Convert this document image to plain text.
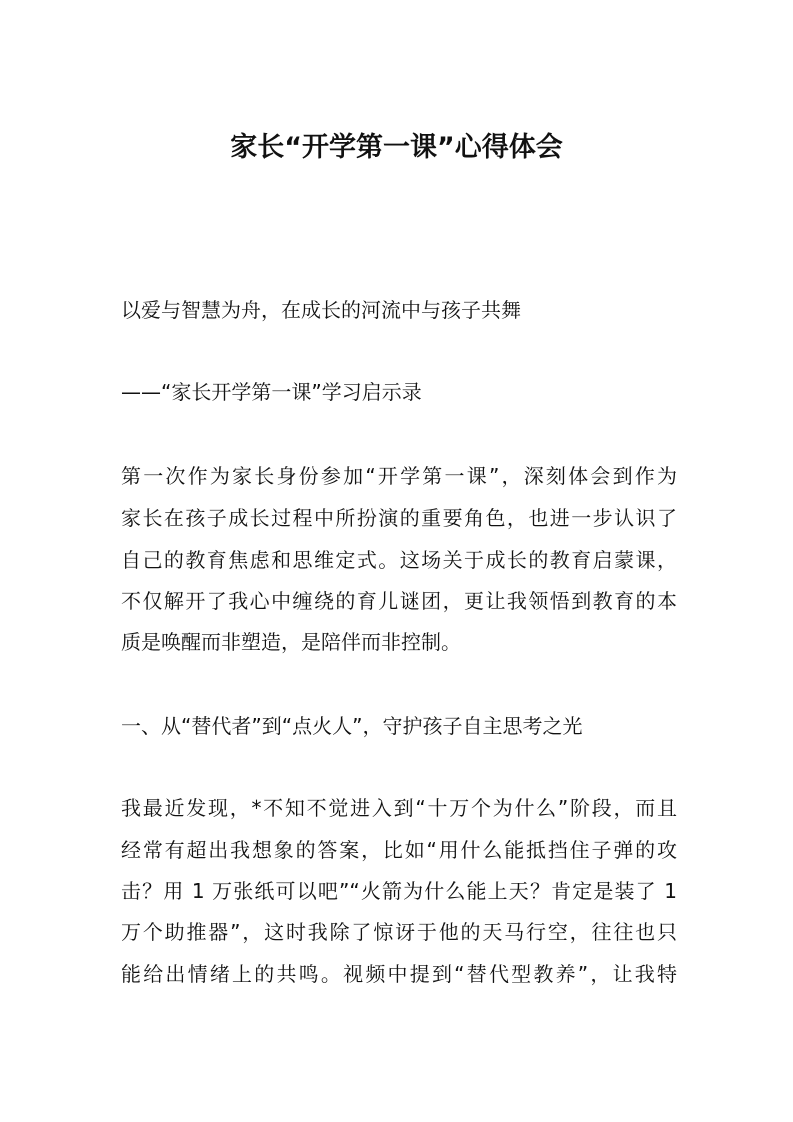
家长“开学第一课”心得体会
以爱与智慧为舟，在成长的河流中与孩子共舞
——“家长开学第一课”学习启示录
第一次作为家长身份参加“开学第一课”，深刻体会到作为
家长在孩子成长过程中所扮演的重要角色，也进一步认识了
自己的教育焦虑和思维定式。这场关于成长的教育启蒙课，
不仅解开了我心中缠绕的育儿谜团，更让我领悟到教育的本
质是唤醒而非塑造，是陪伴而非控制。
一、从“替代者”到“点火人”，守护孩子自主思考之光
我最近发现，*不知不觉进入到“十万个为什么”阶段，而且
经常有超出我想象的答案，比如“用什么能抵挡住子弹的攻
击？用 1 万张纸可以吧”“火箭为什么能上天？肯定是装了 1
万个助推器”，这时我除了惊讶于他的天马行空，往往也只
能给出情绪上的共鸣。视频中提到“替代型教养”，让我特
